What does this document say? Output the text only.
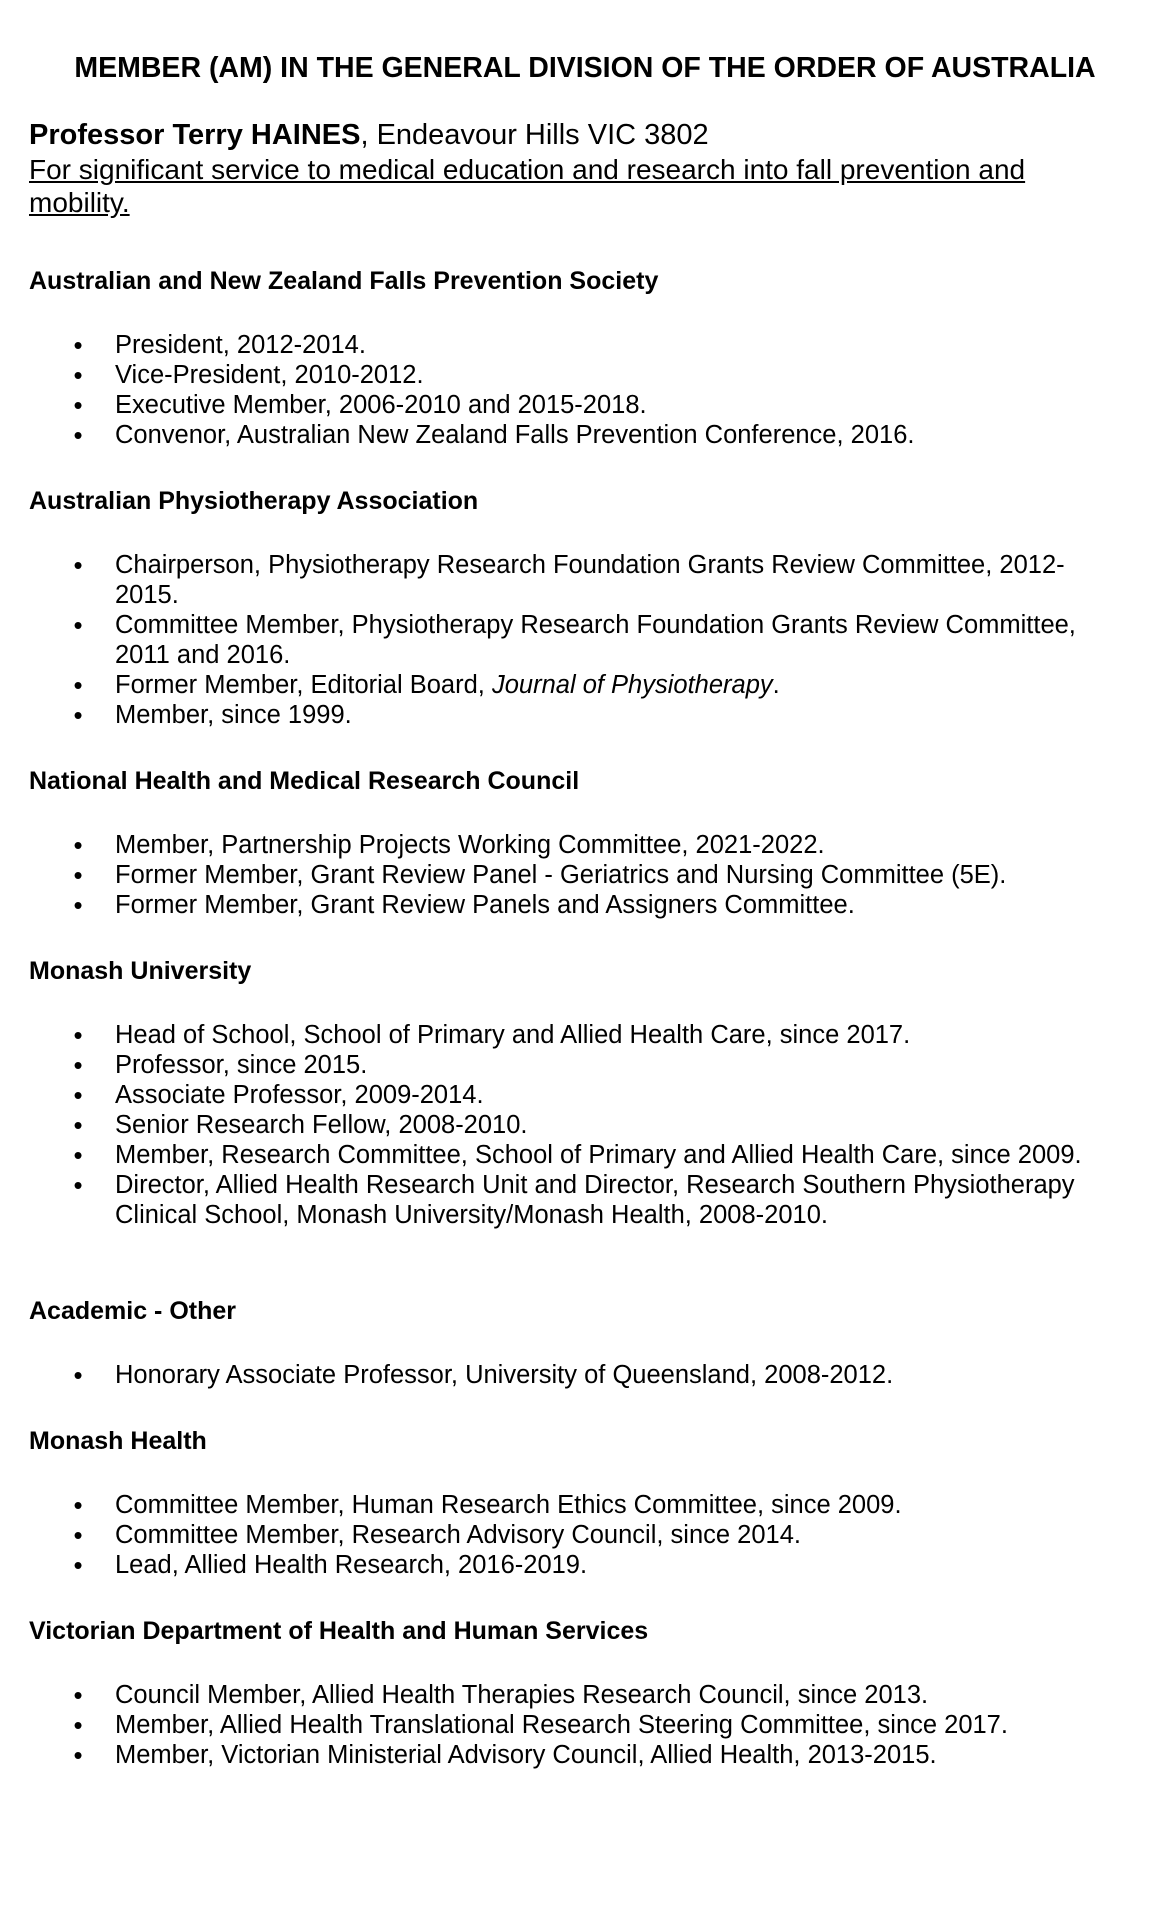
MEMBER (AM) IN THE GENERAL DIVISION OF THE ORDER OF AUSTRALIA

Professor Terry HAINES, Endeavour Hills VIC 3802

For significant service to medical education and research into fall prevention and

mobility.

Australian and New Zealand Falls Prevention Society
• President, 2012-2014.
• Vice-President, 2010-2012.
• Executive Member, 2006-2010 and 2015-2018.
• Convenor, Australian New Zealand Falls Prevention Conference, 2016.
Australian Physiotherapy Association
• Chairperson, Physiotherapy Research Foundation Grants Review Committee, 2012-2015.
• Committee Member, Physiotherapy Research Foundation Grants Review Committee, 2011 and 2016.
• Former Member, Editorial Board, Journal of Physiotherapy.
• Member, since 1999.
National Health and Medical Research Council
• Member, Partnership Projects Working Committee, 2021-2022.
• Former Member, Grant Review Panel - Geriatrics and Nursing Committee (5E).
• Former Member, Grant Review Panels and Assigners Committee.
Monash University
• Head of School, School of Primary and Allied Health Care, since 2017.
• Professor, since 2015.
• Associate Professor, 2009-2014.
• Senior Research Fellow, 2008-2010.
• Member, Research Committee, School of Primary and Allied Health Care, since 2009.
• Director, Allied Health Research Unit and Director, Research Southern Physiotherapy Clinical School, Monash University/Monash Health, 2008-2010.
Academic - Other
• Honorary Associate Professor, University of Queensland, 2008-2012.
Monash Health
• Committee Member, Human Research Ethics Committee, since 2009.
• Committee Member, Research Advisory Council, since 2014.
• Lead, Allied Health Research, 2016-2019.
Victorian Department of Health and Human Services
• Council Member, Allied Health Therapies Research Council, since 2013.
• Member, Allied Health Translational Research Steering Committee, since 2017.
• Member, Victorian Ministerial Advisory Council, Allied Health, 2013-2015.
